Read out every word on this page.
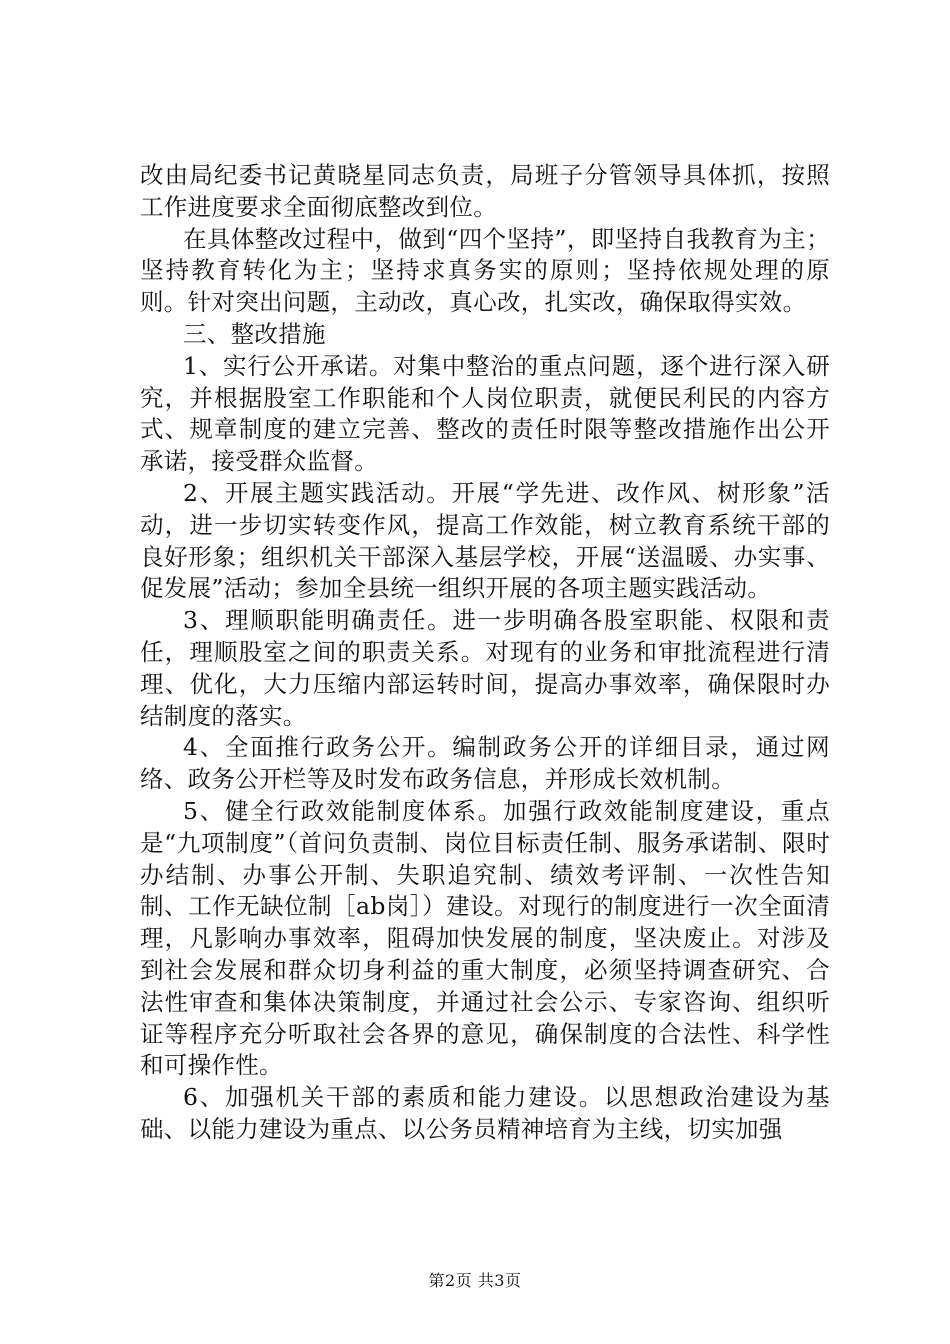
改由局纪委书记黄晓星同志负责，局班子分管领导具体抓，按照工作进度要求全面彻底整改到位。

在具体整改过程中，做到“四个坚持”，即坚持自我教育为主；坚持教育转化为主；坚持求真务实的原则；坚持依规处理的原则。针对突出问题，主动改，真心改，扎实改，确保取得实效。

三、整改措施

1、实行公开承诺。对集中整治的重点问题，逐个进行深入研究，并根据股室工作职能和个人岗位职责，就便民利民的内容方式、规章制度的建立完善、整改的责任时限等整改措施作出公开承诺，接受群众监督。

2、开展主题实践活动。开展“学先进、改作风、树形象”活动，进一步切实转变作风，提高工作效能，树立教育系统干部的良好形象；组织机关干部深入基层学校，开展“送温暖、办实事、促发展”活动；参加全县统一组织开展的各项主题实践活动。

3、理顺职能明确责任。进一步明确各股室职能、权限和责任，理顺股室之间的职责关系。对现有的业务和审批流程进行清理、优化，大力压缩内部运转时间，提高办事效率，确保限时办结制度的落实。

4、全面推行政务公开。编制政务公开的详细目录，通过网络、政务公开栏等及时发布政务信息，并形成长效机制。

5、健全行政效能制度体系。加强行政效能制度建设，重点是“九项制度”（首问负责制、岗位目标责任制、服务承诺制、限时办结制、办事公开制、失职追究制、绩效考评制、一次性告知制、工作无缺位制［ab岗］）建设。对现行的制度进行一次全面清理，凡影响办事效率，阻碍加快发展的制度，坚决废止。对涉及到社会发展和群众切身利益的重大制度，必须坚持调查研究、合法性审查和集体决策制度，并通过社会公示、专家咨询、组织听证等程序充分听取社会各界的意见，确保制度的合法性、科学性和可操作性。

6、加强机关干部的素质和能力建设。以思想政治建设为基础、以能力建设为重点、以公务员精神培育为主线，切实加强

第2页 共3页
